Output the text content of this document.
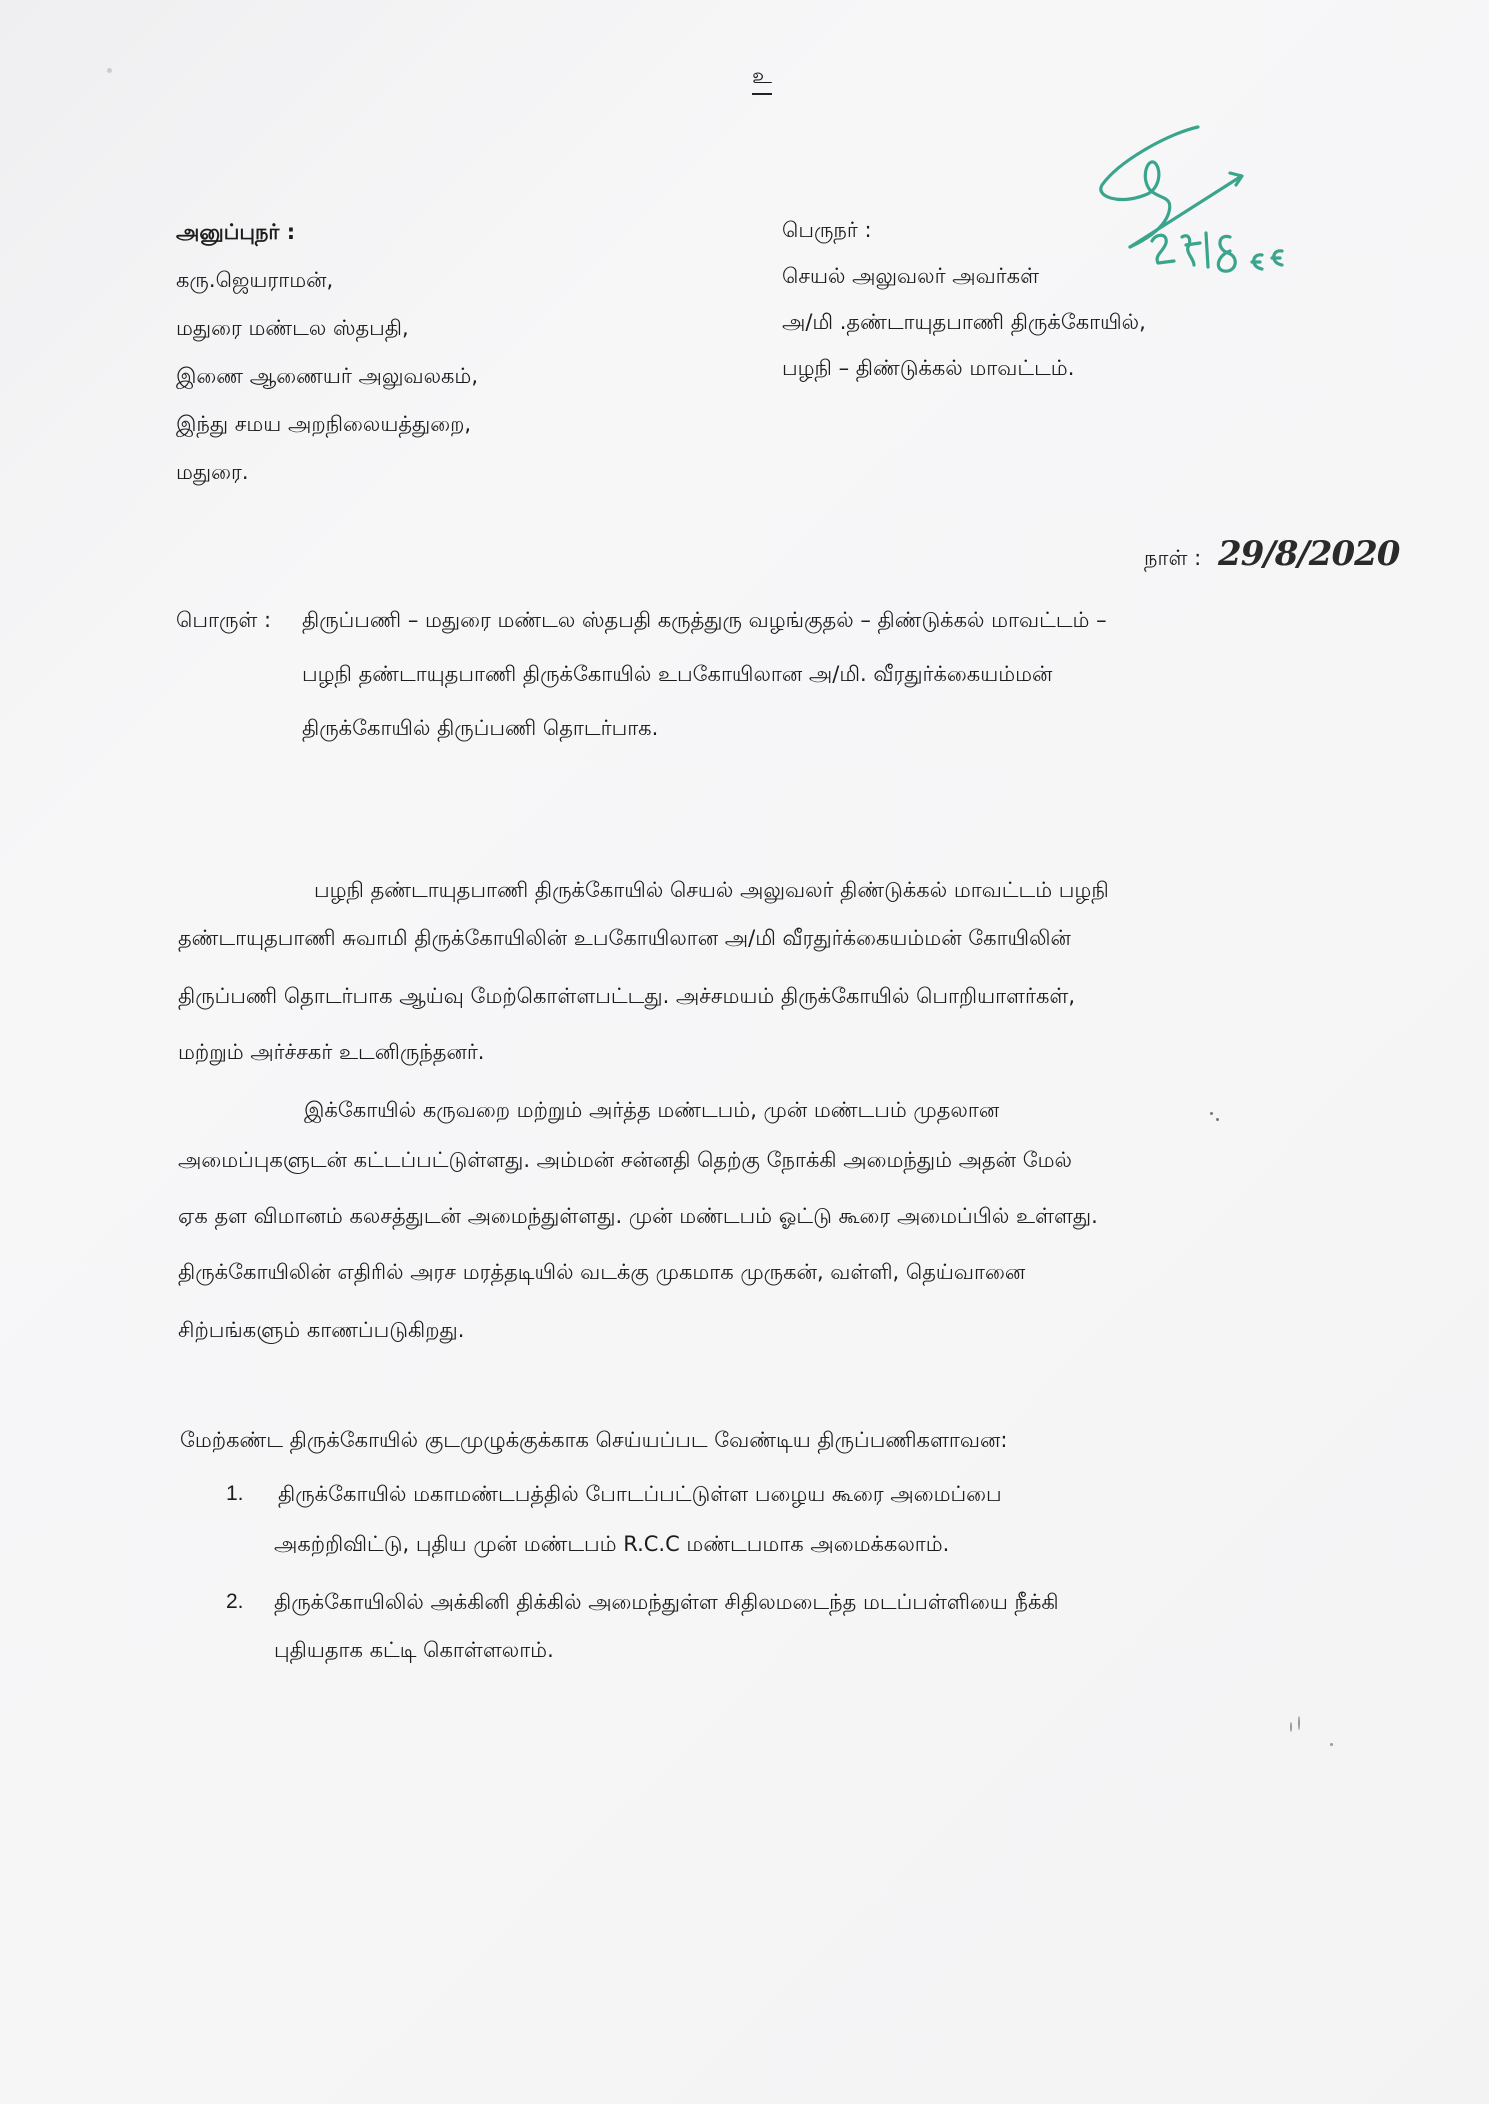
உ
அனுப்புநர் :
கரு.ஜெயராமன்,
மதுரை மண்டல ஸ்தபதி,
இணை ஆணையர் அலுவலகம்,
இந்து சமய அறநிலையத்துறை,
மதுரை.
பெருநர் :
செயல் அலுவலர் அவர்கள்
அ/மி .தண்டாயுதபாணி திருக்கோயில்,
பழநி – திண்டுக்கல் மாவட்டம்.
நாள் : 29/8/2020
பொருள் : திருப்பணி – மதுரை மண்டல ஸ்தபதி கருத்துரு வழங்குதல் – திண்டுக்கல் மாவட்டம் –
பழநி தண்டாயுதபாணி திருக்கோயில் உபகோயிலான அ/மி. வீரதுர்க்கையம்மன்
திருக்கோயில் திருப்பணி தொடர்பாக.
பழநி தண்டாயுதபாணி திருக்கோயில் செயல் அலுவலர் திண்டுக்கல் மாவட்டம் பழநி
தண்டாயுதபாணி சுவாமி திருக்கோயிலின் உபகோயிலான அ/மி வீரதுர்க்கையம்மன் கோயிலின்
திருப்பணி தொடர்பாக ஆய்வு மேற்கொள்ளபட்டது. அச்சமயம் திருக்கோயில் பொறியாளர்கள்,
மற்றும் அர்ச்சகர் உடனிருந்தனர்.
இக்கோயில் கருவறை மற்றும் அர்த்த மண்டபம், முன் மண்டபம் முதலான
அமைப்புகளுடன் கட்டப்பட்டுள்ளது. அம்மன் சன்னதி தெற்கு நோக்கி அமைந்தும் அதன் மேல்
ஏக தள விமானம் கலசத்துடன் அமைந்துள்ளது. முன் மண்டபம் ஓட்டு கூரை அமைப்பில் உள்ளது.
திருக்கோயிலின் எதிரில் அரச மரத்தடியில் வடக்கு முகமாக முருகன், வள்ளி, தெய்வானை
சிற்பங்களும் காணப்படுகிறது.
மேற்கண்ட திருக்கோயில் குடமுழுக்குக்காக செய்யப்பட வேண்டிய திருப்பணிகளாவன:
1. திருக்கோயில் மகாமண்டபத்தில் போடப்பட்டுள்ள பழைய கூரை அமைப்பை
அகற்றிவிட்டு, புதிய முன் மண்டபம் R.C.C மண்டபமாக அமைக்கலாம்.
2. திருக்கோயிலில் அக்கினி திக்கில் அமைந்துள்ள சிதிலமடைந்த மடப்பள்ளியை நீக்கி
புதியதாக கட்டி கொள்ளலாம்.
